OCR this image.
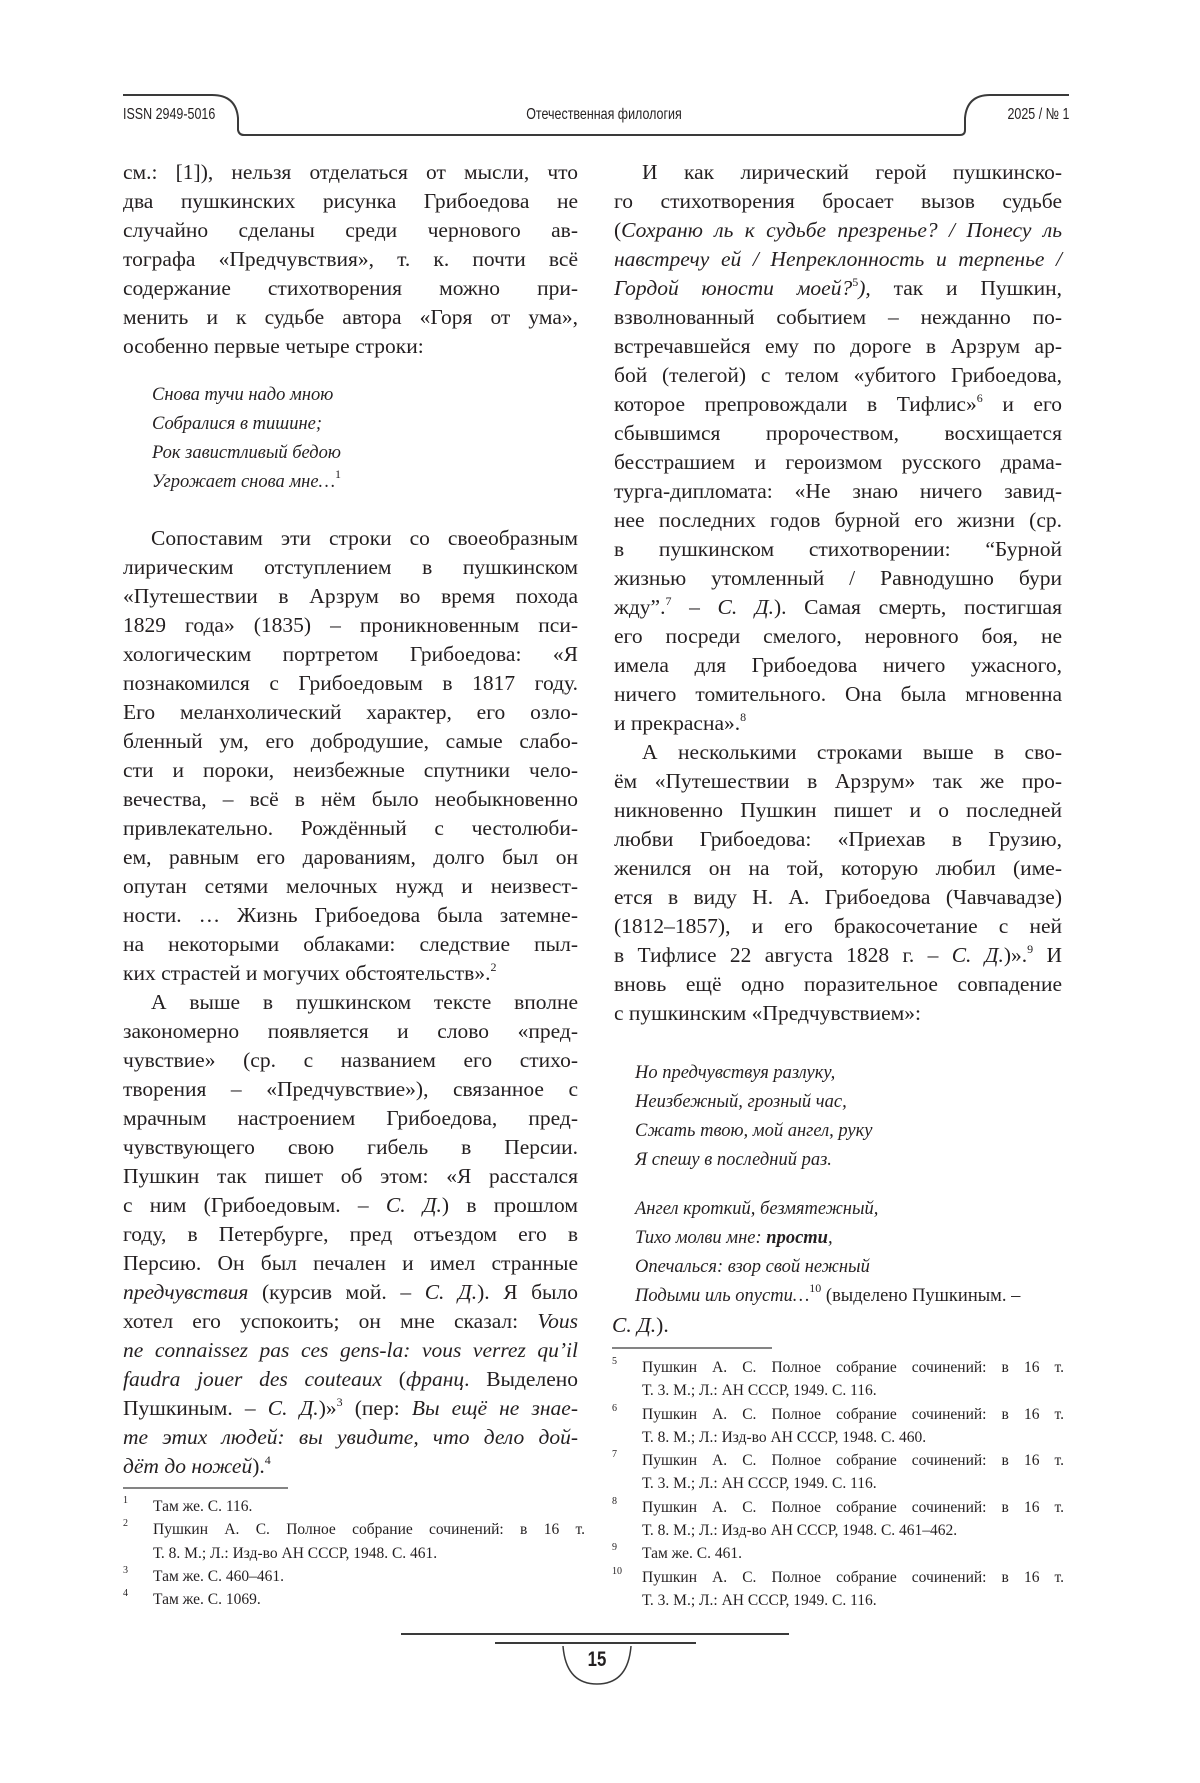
ISSN 2949-5016	Отечественная филология	2025 / № 1
см.: [1]), нельзя отделаться от мысли, что
два пушкинских рисунка Грибоедова не
случайно сделаны среди чернового ав-
тографа «Предчувствия», т. к. почти всё
содержание стихотворения можно при-
менить и к судьбе автора «Горя от ума»,
особенно первые четыре строки:
Снова тучи надо мною
Собралися в тишине;
Рок завистливый бедою
Угрожает снова мне…1
Сопоставим эти строки со своеобразным
лирическим отступлением в пушкинском
«Путешествии в Арзрум во время похода
1829 года» (1835) – проникновенным пси-
хологическим портретом Грибоедова: «Я
познакомился с Грибоедовым в 1817 году.
Его меланхолический характер, его озло-
бленный ум, его добродушие, самые слабо-
сти и пороки, неизбежные спутники чело-
вечества, – всё в нём было необыкновенно
привлекательно. Рождённый с честолюби-
ем, равным его дарованиям, долго был он
опутан сетями мелочных нужд и неизвест-
ности. … Жизнь Грибоедова была затемне-
на некоторыми облаками: следствие пыл-
ких страстей и могучих обстоятельств».2
А выше в пушкинском тексте вполне
закономерно появляется и слово «пред-
чувствие» (ср. с названием его стихо-
творения – «Предчувствие»), связанное с
мрачным настроением Грибоедова, пред-
чувствующего свою гибель в Персии.
Пушкин так пишет об этом: «Я расстался
с ним (Грибоедовым. – С. Д.) в прошлом
году, в Петербурге, пред отъездом его в
Персию. Он был печален и имел странные
предчувствия (курсив мой. – С. Д.). Я было
хотел его успокоить; он мне сказал: Vous
ne connaissez pas ces gens-la: vous verrez qu’il
faudra jouer des couteaux (франц. Выделено
Пушкиным. – С. Д.)»3 (пер: Вы ещё не знае-
те этих людей: вы увидите, что дело дой-
дёт до ножей).4
1 Там же. С. 116.
2 Пушкин А. С. Полное собрание сочинений: в 16 т.
Т. 8. М.; Л.: Изд-во АН СССР, 1948. С. 461.
3 Там же. С. 460–461.
4 Там же. С. 1069.
И как лирический герой пушкинско-
го стихотворения бросает вызов судьбе
(Сохраню ль к судьбе презренье? / Понесу ль
навстречу ей / Непреклонность и терпенье /
Гордой юности моей?5), так и Пушкин,
взволнованный событием – нежданно по-
встречавшейся ему по дороге в Арзрум ар-
бой (телегой) с телом «убитого Грибоедова,
которое препровождали в Тифлис»6 и его
сбывшимся пророчеством, восхищается
бесстрашием и героизмом русского драма-
турга-дипломата: «Не знаю ничего завид-
нее последних годов бурной его жизни (ср.
в пушкинском стихотворении: “Бурной
жизнью утомленный / Равнодушно бури
жду”.7 – С. Д.). Самая смерть, постигшая
его посреди смелого, неровного боя, не
имела для Грибоедова ничего ужасного,
ничего томительного. Она была мгновенна
и прекрасна».8
А несколькими строками выше в сво-
ём «Путешествии в Арзрум» так же про-
никновенно Пушкин пишет и о последней
любви Грибоедова: «Приехав в Грузию,
женился он на той, которую любил (име-
ется в виду Н. А. Грибоедова (Чавчавадзе)
(1812–1857), и его бракосочетание с ней
в Тифлисе 22 августа 1828 г. – С. Д.)».9 И
вновь ещё одно поразительное совпадение
с пушкинским «Предчувствием»:
Но предчувствуя разлуку,
Неизбежный, грозный час,
Сжать твою, мой ангел, руку
Я спешу в последний раз.
Ангел кроткий, безмятежный,
Тихо молви мне: прости,
Опечалься: взор свой нежный
Подыми иль опусти…10 (выделено Пушкиным. –
С. Д.).
5 Пушкин А. С. Полное собрание сочинений: в 16 т.
Т. 3. М.; Л.: АН СССР, 1949. С. 116.
6 Пушкин А. С. Полное собрание сочинений: в 16 т.
Т. 8. М.; Л.: Изд-во АН СССР, 1948. С. 460.
7 Пушкин А. С. Полное собрание сочинений: в 16 т.
Т. 3. М.; Л.: АН СССР, 1949. С. 116.
8 Пушкин А. С. Полное собрание сочинений: в 16 т.
Т. 8. М.; Л.: Изд-во АН СССР, 1948. С. 461–462.
9 Там же. С. 461.
10 Пушкин А. С. Полное собрание сочинений: в 16 т.
Т. 3. М.; Л.: АН СССР, 1949. С. 116.
15
